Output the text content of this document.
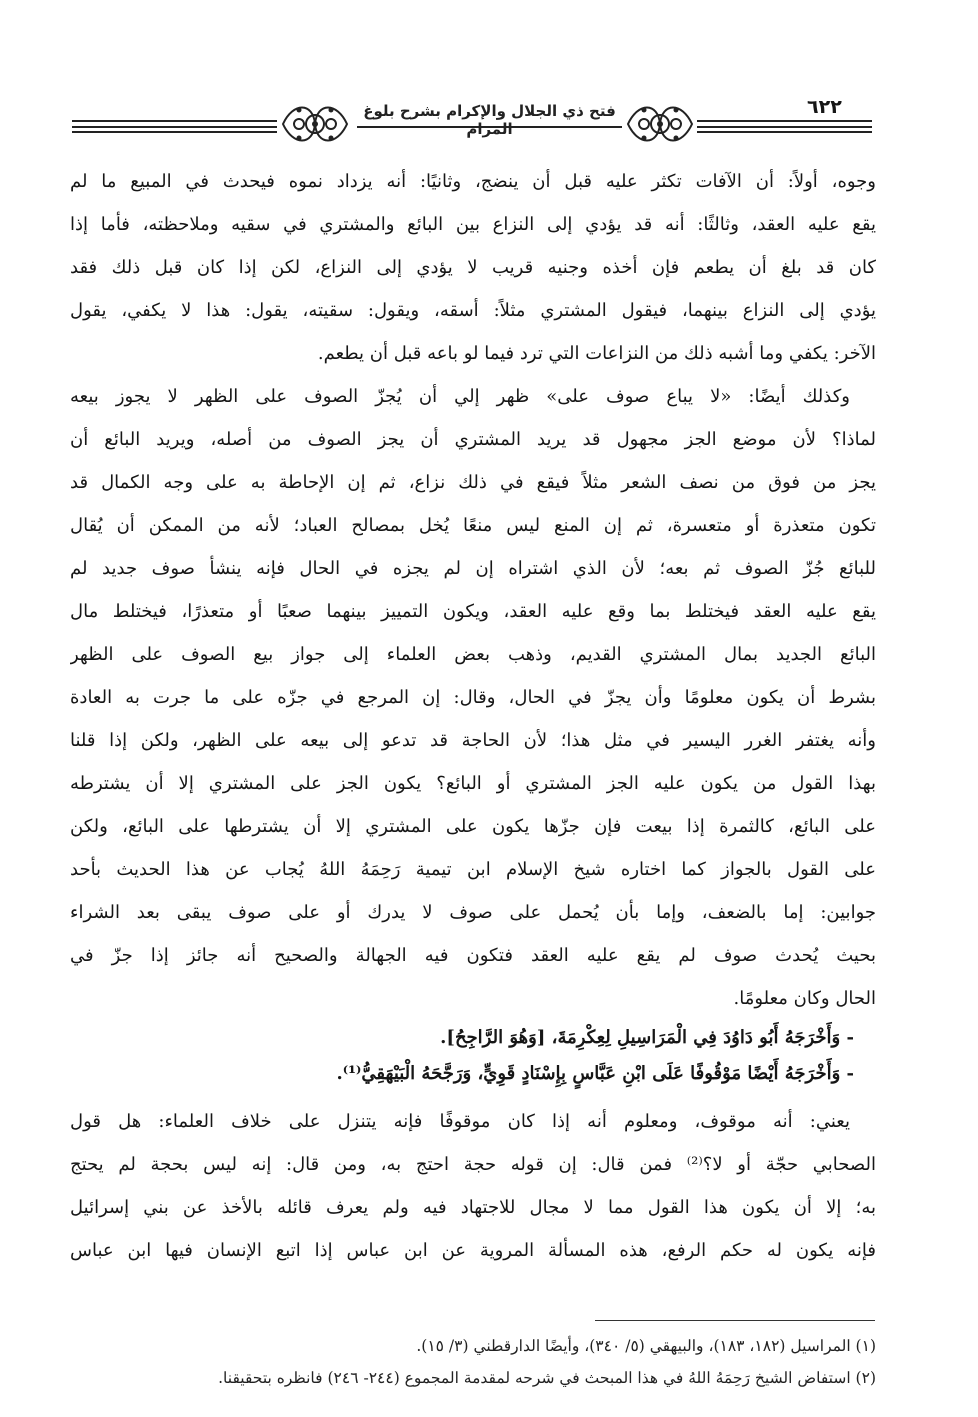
٦٢٢
فتح ذي الجلال والإكرام بشرح بلوغ المرام
وجوه، أولاً: أن الآفات تكثر عليه قبل أن ينضج، وثانيًا: أنه يزداد نموه فيحدث في المبيع ما لم
يقع عليه العقد، وثالثًا: أنه قد يؤدي إلى النزاع بين البائع والمشتري في سقيه وملاحظته، فأما إذا
كان قد بلغ أن يطعم فإن أخذه وجنيه قريب لا يؤدي إلى النزاع، لكن إذا كان قبل ذلك فقد
يؤدي إلى النزاع بينهما، فيقول المشتري مثلاً: أسقه، ويقول: سقيته، يقول: هذا لا يكفي، يقول
الآخر: يكفي وما أشبه ذلك من النزاعات التي ترد فيما لو باعه قبل أن يطعم.
وكذلك أيضًا: «لا يباع صوف على» ظهر إلي أن يُجزّ الصوف على الظهر لا يجوز بيعه
لماذا؟ لأن موضع الجز مجهول قد يريد المشتري أن يجز الصوف من أصله، ويريد البائع أن
يجز من فوق من نصف الشعر مثلاً فيقع في ذلك نزاع، ثم إن الإحاطة به على وجه الكمال قد
تكون متعذرة أو متعسرة، ثم إن المنع ليس منعًا يُخل بمصالح العباد؛ لأنه من الممكن أن يُقال
للبائع جُزّ الصوف ثم بعه؛ لأن الذي اشتراه إن لم يجزه في الحال فإنه ينشأ صوف جديد لم
يقع عليه العقد فيختلط بما وقع عليه العقد، ويكون التمييز بينهما صعبًا أو متعذرًا، فيختلط مال
البائع الجديد بمال المشتري القديم، وذهب بعض العلماء إلى جواز بيع الصوف على الظهر
بشرط أن يكون معلومًا وأن يجزّ في الحال، وقال: إن المرجع في جزّه على ما جرت به العادة
وأنه يغتفر الغرر اليسير في مثل هذا؛ لأن الحاجة قد تدعو إلى بيعه على الظهر، ولكن إذا قلنا
بهذا القول من يكون عليه الجز المشتري أو البائع؟ يكون الجز على المشتري إلا أن يشترطه
على البائع، كالثمرة إذا بيعت فإن جزّها يكون على المشتري إلا أن يشترطها على البائع، ولكن
على القول بالجواز كما اختاره شيخ الإسلام ابن تيمية رَحِمَهُ اللهُ يُجاب عن هذا الحديث بأحد
جوابين: إما بالضعف، وإما بأن يُحمل على صوف لا يدرك أو على صوف يبقى بعد الشراء
بحيث يُحدث صوف لم يقع عليه العقد فتكون فيه الجهالة والصحيح أنه جائز إذا جزّ في
الحال وكان معلومًا.
- وَأَخْرَجَهُ أَبُو دَاوُدَ فِي الْمَرَاسِيلِ لِعِكْرِمَةَ، [وَهُوَ الرَّاجِحُ].
- وَأَخْرَجَهُ أَيْضًا مَوْقُوفًا عَلَى ابْنِ عَبَّاسٍ بِإِسْنَادٍ قَوِيٍّ، وَرَجَّحَهُ الْبَيْهَقِيُّ⁽¹⁾.
يعني: أنه موقوف، ومعلوم أنه إذا كان موقوفًا فإنه يتنزل على خلاف العلماء: هل قول
الصحابي حجّة أو لا؟⁽²⁾ فمن قال: إن قوله حجة احتج به، ومن قال: إنه ليس بحجة لم يحتج
به؛ إلا أن يكون هذا القول مما لا مجال للاجتهاد فيه ولم يعرف قائله بالأخذ عن بني إسرائيل
فإنه يكون له حكم الرفع، هذه المسألة المروية عن ابن عباس إذا اتبع الإنسان فيها ابن عباس
(١) المراسيل (١٨٢، ١٨٣)، والبيهقي (٥/ ٣٤٠)، وأيضًا الدارقطني (٣/ ١٥).
(٢) استفاض الشيخ رَحِمَهُ اللهُ في هذا المبحث في شرحه لمقدمة المجموع (٢٤٤- ٢٤٦) فانظره بتحقيقنا.
